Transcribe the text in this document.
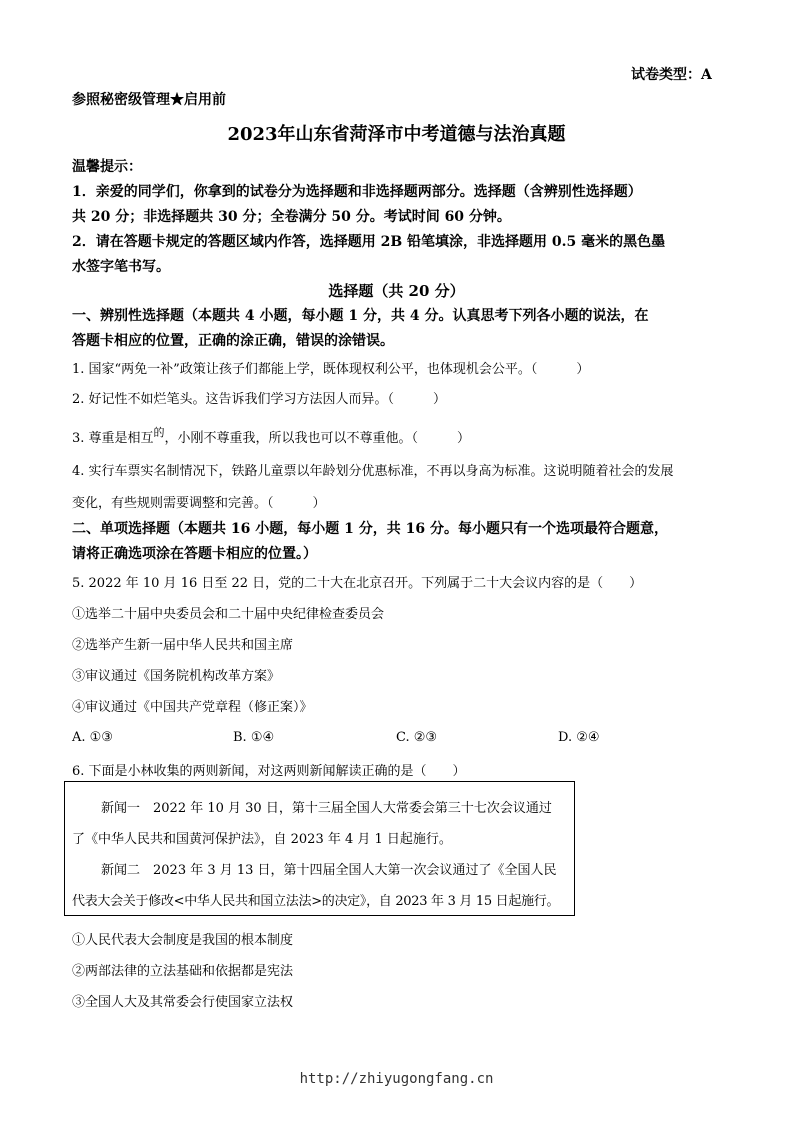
试卷类型：A
参照秘密级管理★启用前
2023年山东省菏泽市中考道德与法治真题
温馨提示：
1．亲爱的同学们，你拿到的试卷分为选择题和非选择题两部分。选择题（含辨别性选择题）
共 20 分；非选择题共 30 分；全卷满分 50 分。考试时间 60 分钟。
2．请在答题卡规定的答题区域内作答，选择题用 2B 铅笔填涂，非选择题用 0.5 毫米的黑色墨
水签字笔书写。
选择题（共 20 分）
一、辨别性选择题（本题共 4 小题，每小题 1 分，共 4 分。认真思考下列各小题的说法，在
答题卡相应的位置，正确的涂正确，错误的涂错误。
1. 国家“两免一补”政策让孩子们都能上学，既体现权利公平，也体现机会公平。（　　　）
2. 好记性不如烂笔头。这告诉我们学习方法因人而异。（　　　）
3. 尊重是相互$^的$，小刚不尊重我，所以我也可以不尊重他。（　　　）
4. 实行车票实名制情况下，铁路儿童票以年龄划分优惠标准，不再以身高为标准。这说明随着社会的发展
变化，有些规则需要调整和完善。（　　　）
二、单项选择题（本题共 16 小题，每小题 1 分，共 16 分。每小题只有一个选项最符合题意，
请将正确选项涂在答题卡相应的位置。）
5. 2022 年 10 月 16 日至 22 日，党的二十大在北京召开。下列属于二十大会议内容的是（　　）
①选举二十届中央委员会和二十届中央纪律检查委员会
②选举产生新一届中华人民共和国主席
③审议通过《国务院机构改革方案》
④审议通过《中国共产党章程（修正案）》
A. ①③	B. ①④	C. ②③	D. ②④
6. 下面是小林收集的两则新闻，对这两则新闻解读正确的是（　　）
新闻一　2022 年 10 月 30 日，第十三届全国人大常委会第三十七次会议通过
了《中华人民共和国黄河保护法》，自 2023 年 4 月 1 日起施行。
新闻二　2023 年 3 月 13 日，第十四届全国人大第一次会议通过了《全国人民
代表大会关于修改<中华人民共和国立法法>的决定》，自 2023 年 3 月 15 日起施行。
①人民代表大会制度是我国的根本制度
②两部法律的立法基础和依据都是宪法
③全国人大及其常委会行使国家立法权
http://zhiyugongfang.cn
